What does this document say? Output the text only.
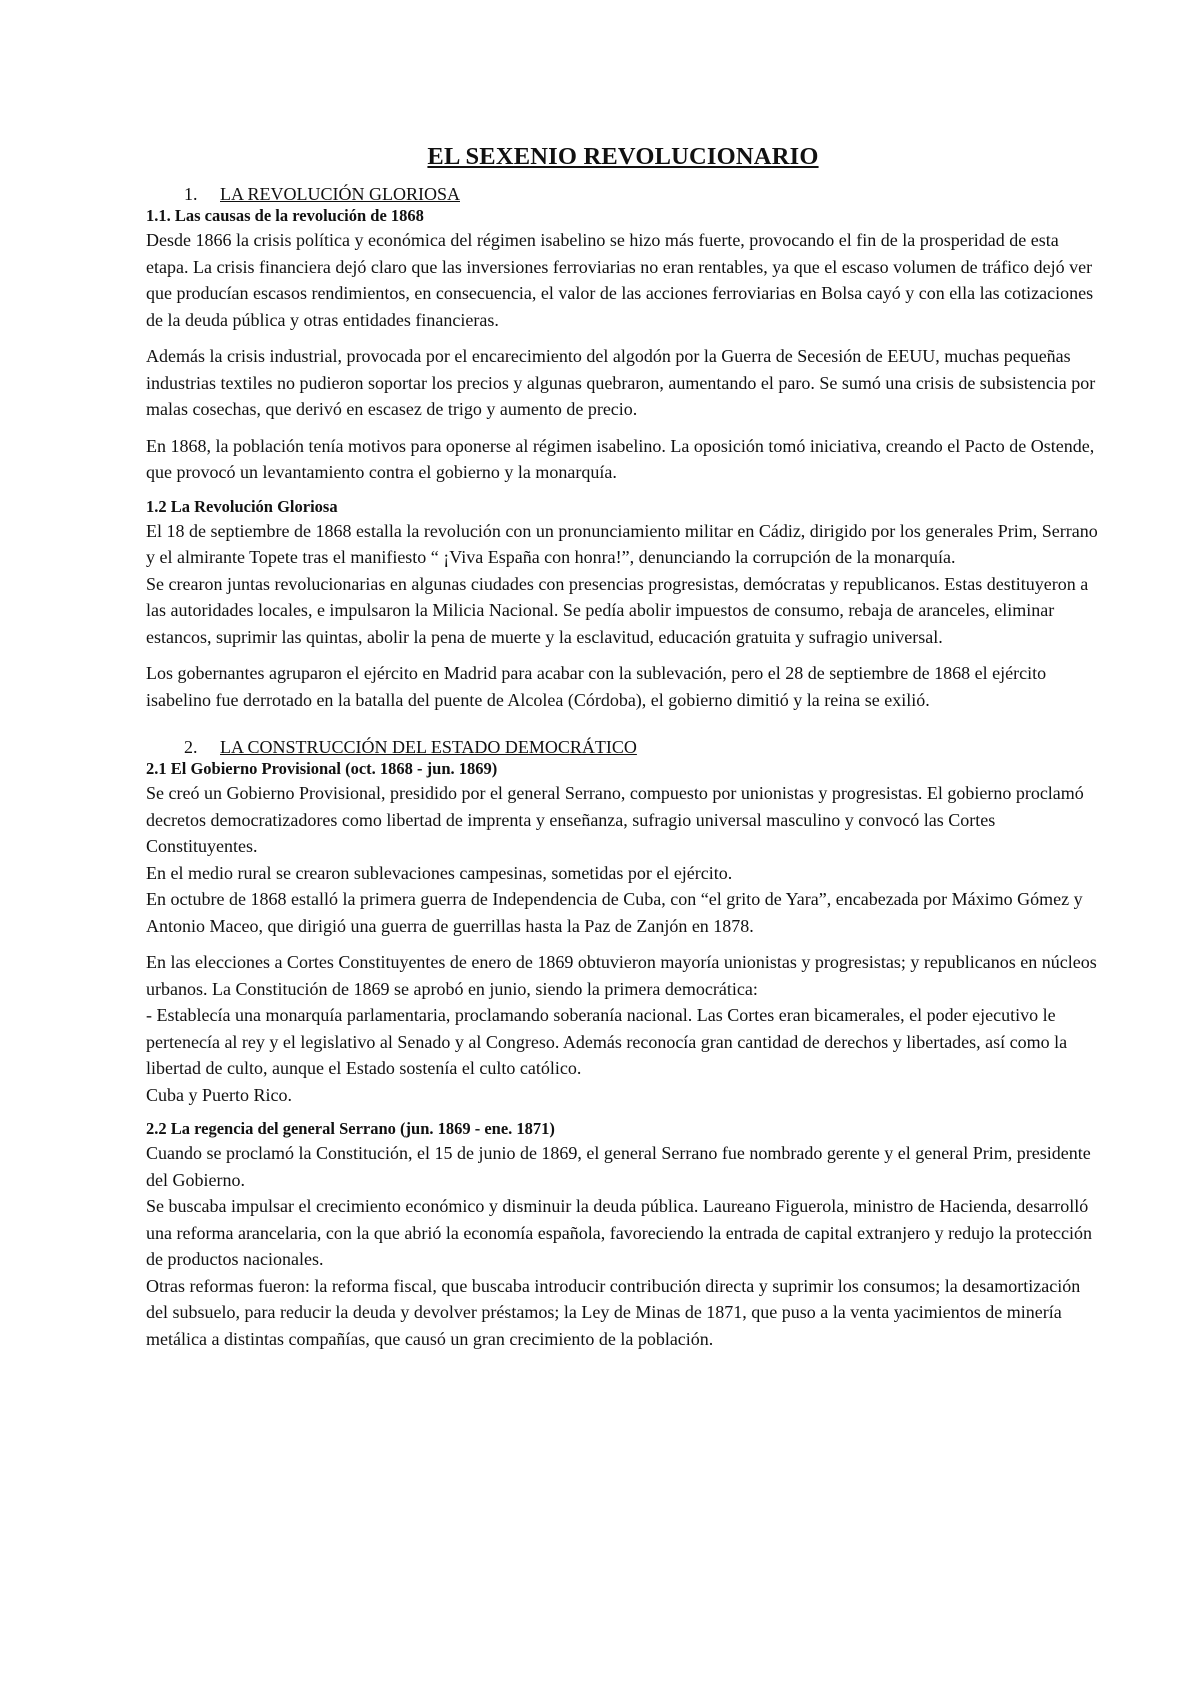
EL SEXENIO REVOLUCIONARIO
1. LA REVOLUCIÓN GLORIOSA
1.1. Las causas de la revolución de 1868

Desde 1866 la crisis política y económica del régimen isabelino se hizo más fuerte, provocando el fin de la prosperidad de esta etapa. La crisis financiera dejó claro que las inversiones ferroviarias no eran rentables, ya que el escaso volumen de tráfico dejó ver que producían escasos rendimientos, en consecuencia, el valor de las acciones ferroviarias en Bolsa cayó y con ella las cotizaciones de la deuda pública y otras entidades financieras.

Además la crisis industrial, provocada por el encarecimiento del algodón por la Guerra de Secesión de EEUU, muchas pequeñas industrias textiles no pudieron soportar los precios y algunas quebraron, aumentando el paro. Se sumó una crisis de subsistencia por malas cosechas, que derivó en escasez de trigo y aumento de precio.

En 1868, la población tenía motivos para oponerse al régimen isabelino. La oposición tomó iniciativa, creando el Pacto de Ostende, que provocó un levantamiento contra el gobierno y la monarquía.

1.2 La Revolución Gloriosa

El 18 de septiembre de 1868 estalla la revolución con un pronunciamiento militar en Cádiz, dirigido por los generales Prim, Serrano y el almirante Topete tras el manifiesto “ ¡Viva España con honra!”, denunciando la corrupción de la monarquía.

Se crearon juntas revolucionarias en algunas ciudades con presencias progresistas, demócratas y republicanos. Estas destituyeron a las autoridades locales, e impulsaron la Milicia Nacional. Se pedía abolir impuestos de consumo, rebaja de aranceles, eliminar estancos, suprimir las quintas, abolir la pena de muerte y la esclavitud, educación gratuita y sufragio universal.

Los gobernantes agruparon el ejército en Madrid para acabar con la sublevación, pero el 28 de septiembre de 1868 el ejército isabelino fue derrotado en la batalla del puente de Alcolea (Córdoba), el gobierno dimitió y la reina se exilió.

2. LA CONSTRUCCIÓN DEL ESTADO DEMOCRÁTICO
2.1 El Gobierno Provisional (oct. 1868 - jun. 1869)

Se creó un Gobierno Provisional, presidido por el general Serrano, compuesto por unionistas y progresistas. El gobierno proclamó decretos democratizadores como libertad de imprenta y enseñanza, sufragio universal masculino y convocó las Cortes Constituyentes.

En el medio rural se crearon sublevaciones campesinas, sometidas por el ejército.

En octubre de 1868 estalló la primera guerra de Independencia de Cuba, con “el grito de Yara”, encabezada por Máximo Gómez y Antonio Maceo, que dirigió una guerra de guerrillas hasta la Paz de Zanjón en 1878.

En las elecciones a Cortes Constituyentes de enero de 1869 obtuvieron mayoría unionistas y progresistas; y republicanos en núcleos urbanos. La Constitución de 1869 se aprobó en junio, siendo la primera democrática:

- Establecía una monarquía parlamentaria, proclamando soberanía nacional. Las Cortes eran bicamerales, el poder ejecutivo le pertenecía al rey y el legislativo al Senado y al Congreso. Además reconocía gran cantidad de derechos y libertades, así como la libertad de culto, aunque el Estado sostenía el culto católico.

Cuba y Puerto Rico.

2.2 La regencia del general Serrano (jun. 1869 - ene. 1871)

Cuando se proclamó la Constitución, el 15 de junio de 1869, el general Serrano fue nombrado gerente y el general Prim, presidente del Gobierno.

Se buscaba impulsar el crecimiento económico y disminuir la deuda pública. Laureano Figuerola, ministro de Hacienda, desarrolló una reforma arancelaria, con la que abrió la economía española, favoreciendo la entrada de capital extranjero y redujo la protección de productos nacionales.

Otras reformas fueron: la reforma fiscal, que buscaba introducir contribución directa y suprimir los consumos; la desamortización del subsuelo, para reducir la deuda y devolver préstamos; la Ley de Minas de 1871, que puso a la venta yacimientos de minería metálica a distintas compañías, que causó un gran crecimiento de la población.
